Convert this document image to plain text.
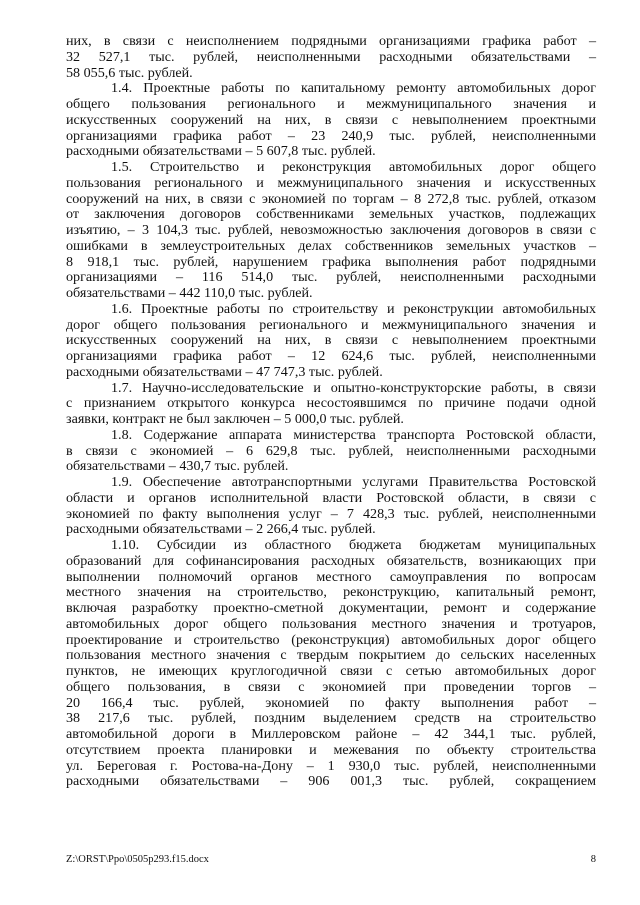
них, в связи с неисполнением подрядными организациями графика работ –
32 527,1 тыс. рублей, неисполненными расходными обязательствами –
58 055,6 тыс. рублей.
1.4. Проектные работы по капитальному ремонту автомобильных дорог
общего пользования регионального и межмуниципального значения и
искусственных сооружений на них, в связи с невыполнением проектными
организациями графика работ – 23 240,9 тыс. рублей, неисполненными
расходными обязательствами – 5 607,8 тыс. рублей.
1.5. Строительство и реконструкция автомобильных дорог общего
пользования регионального и межмуниципального значения и искусственных
сооружений на них, в связи с экономией по торгам – 8 272,8 тыс. рублей, отказом
от заключения договоров собственниками земельных участков, подлежащих
изъятию, – 3 104,3 тыс. рублей, невозможностью заключения договоров в связи с
ошибками в землеустроительных делах собственников земельных участков –
8 918,1 тыс. рублей, нарушением графика выполнения работ подрядными
организациями – 116 514,0 тыс. рублей, неисполненными расходными
обязательствами – 442 110,0 тыс. рублей.
1.6. Проектные работы по строительству и реконструкции автомобильных
дорог общего пользования регионального и межмуниципального значения и
искусственных сооружений на них, в связи с невыполнением проектными
организациями графика работ – 12 624,6 тыс. рублей, неисполненными
расходными обязательствами – 47 747,3 тыс. рублей.
1.7. Научно-исследовательские и опытно-конструкторские работы, в связи
с признанием открытого конкурса несостоявшимся по причине подачи одной
заявки, контракт не был заключен – 5 000,0 тыс. рублей.
1.8. Содержание аппарата министерства транспорта Ростовской области,
в связи с экономией – 6 629,8 тыс. рублей, неисполненными расходными
обязательствами – 430,7 тыс. рублей.
1.9. Обеспечение автотранспортными услугами Правительства Ростовской
области и органов исполнительной власти Ростовской области, в связи с
экономией по факту выполнения услуг – 7 428,3 тыс. рублей, неисполненными
расходными обязательствами – 2 266,4 тыс. рублей.
1.10. Субсидии из областного бюджета бюджетам муниципальных
образований для софинансирования расходных обязательств, возникающих при
выполнении полномочий органов местного самоуправления по вопросам
местного значения на строительство, реконструкцию, капитальный ремонт,
включая разработку проектно-сметной документации, ремонт и содержание
автомобильных дорог общего пользования местного значения и тротуаров,
проектирование и строительство (реконструкция) автомобильных дорог общего
пользования местного значения с твердым покрытием до сельских населенных
пунктов, не имеющих круглогодичной связи с сетью автомобильных дорог
общего пользования, в связи с экономией при проведении торгов –
20 166,4 тыс. рублей, экономией по факту выполнения работ –
38 217,6 тыс. рублей, поздним выделением средств на строительство
автомобильной дороги в Миллеровском районе – 42 344,1 тыс. рублей,
отсутствием проекта планировки и межевания по объекту строительства
ул. Береговая г. Ростова-на-Дону – 1 930,0 тыс. рублей, неисполненными
расходными обязательствами – 906 001,3 тыс. рублей, сокращением
Z:\ORST\Ppo\0505p293.f15.docx	8
